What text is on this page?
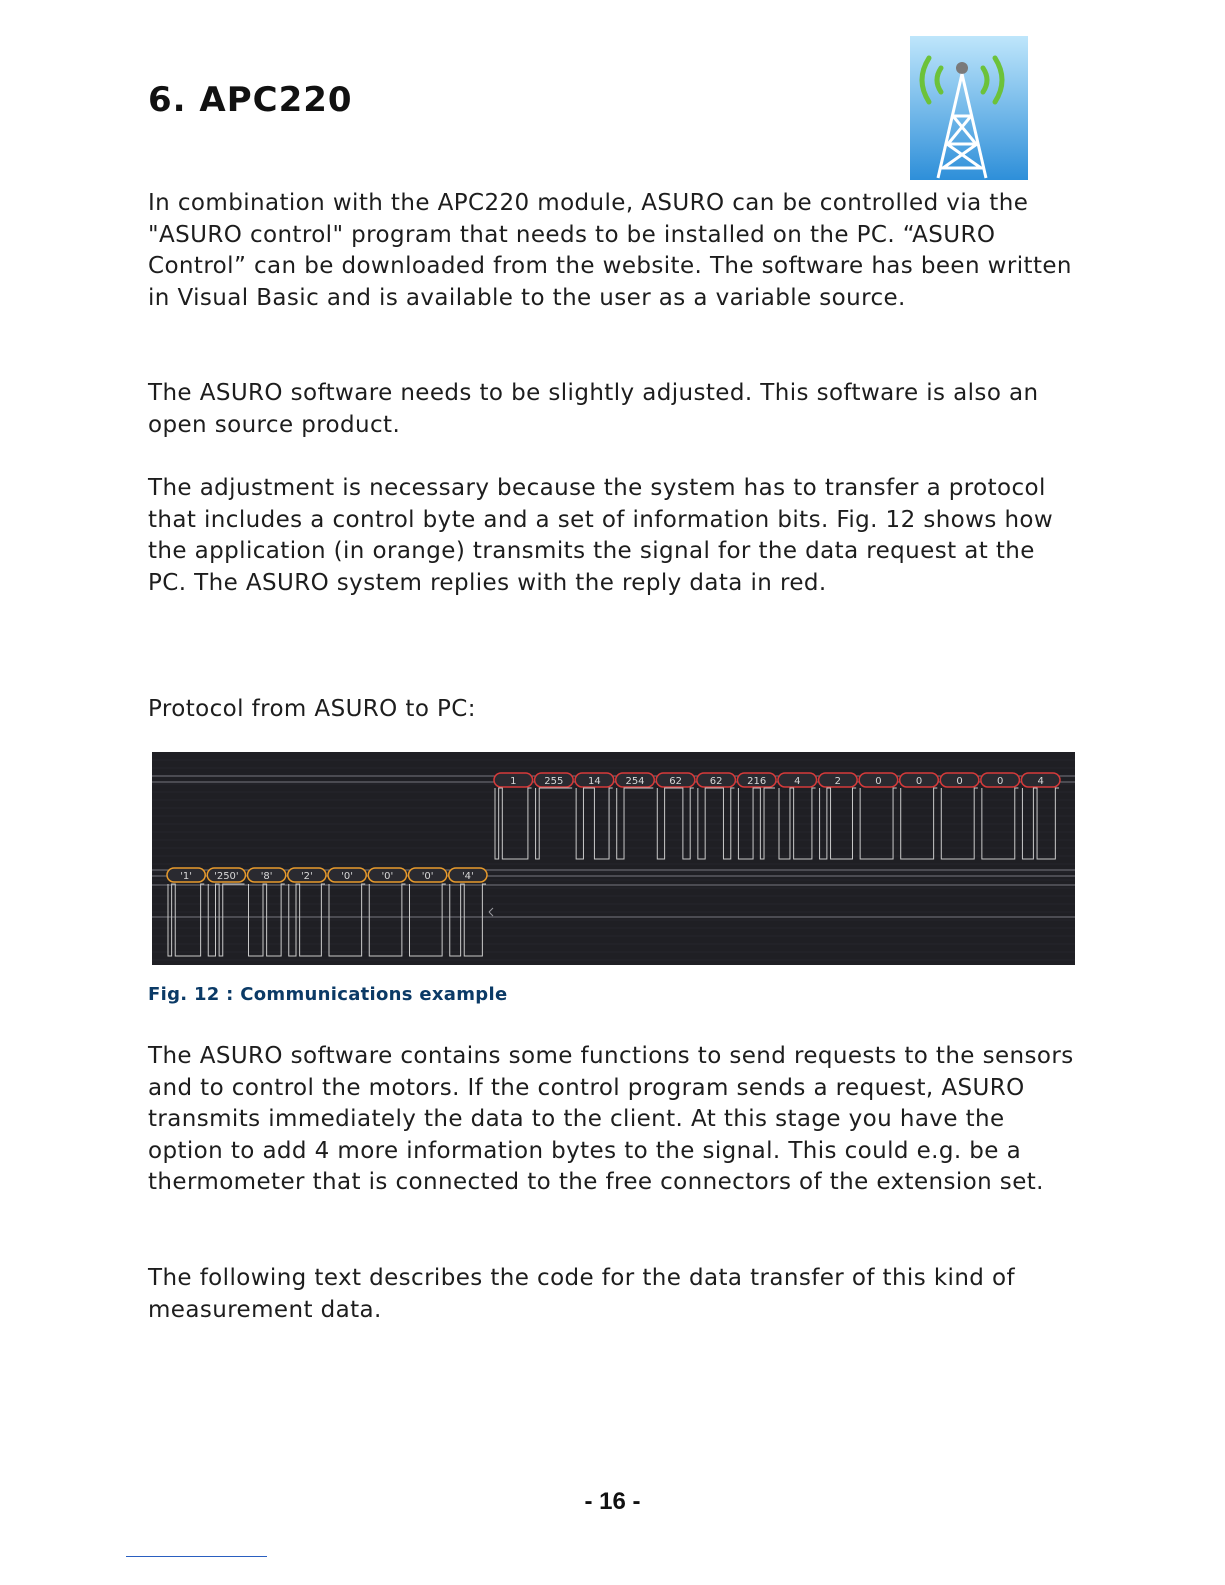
6. APC220

In combination with the APC220 module, ASURO can be controlled via the "ASURO control" program that needs to be installed on the PC. “ASURO Control” can be downloaded from the website. The software has been written in Visual Basic and is available to the user as a variable source.

The ASURO software needs to be slightly adjusted. This software is also an open source product.

The adjustment is necessary because the system has to transfer a protocol that includes a control byte and a set of information bits. Fig. 12 shows how the application (in orange) transmits the signal for the data request at the PC. The ASURO system replies with the reply data in red.

Protocol from ASURO to PC:

1	255 14 254 62	62 216	4	2	0	0	0	0	4
'1' '250' '8'	'2'	'0'	'0'	'0'	'4'

Fig. 12 : Communications example

The ASURO software contains some functions to send requests to the sensors and to control the motors. If the control program sends a request, ASURO transmits immediately the data to the client. At this stage you have the option to add 4 more information bytes to the signal. This could e.g. be a thermometer that is connected to the free connectors of the extension set.

The following text describes the code for the data transfer of this kind of measurement data.

- 16 -
